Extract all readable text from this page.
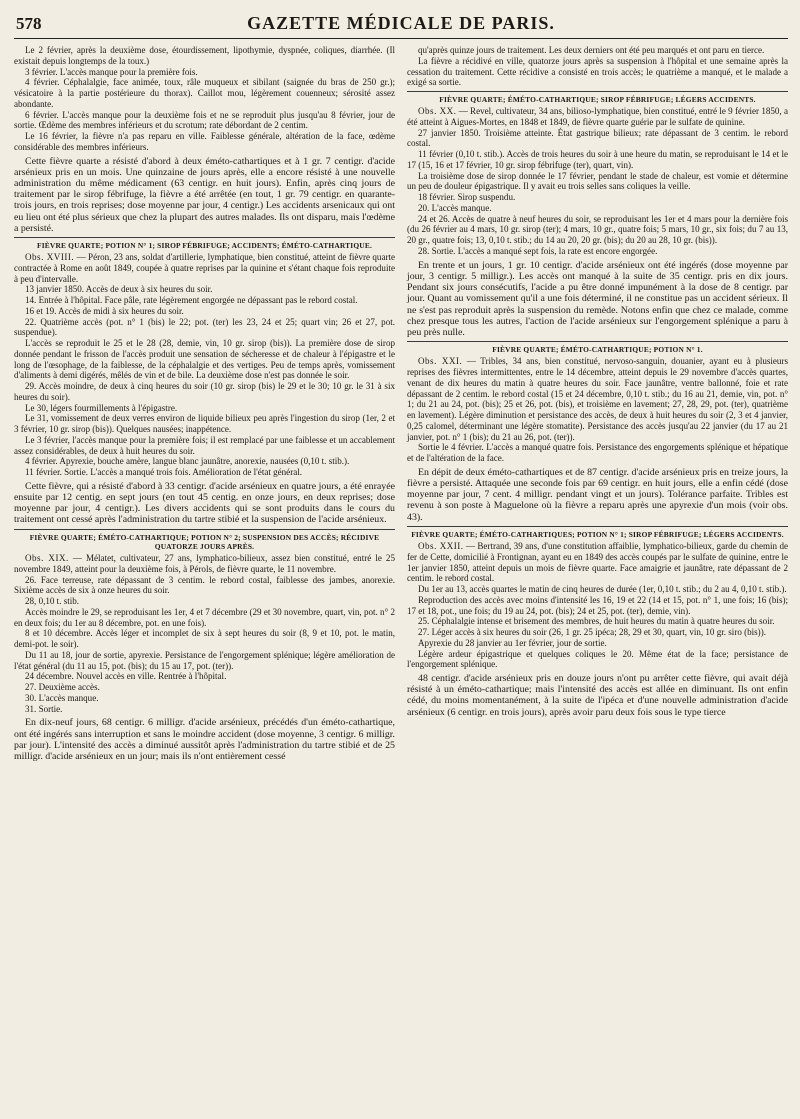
578	GAZETTE MÉDICALE DE PARIS.

Le 2 février, après la deuxième dose, étourdissement, lipothymie, dyspnée, coliques, diarrhée. (Il existait depuis longtemps de la toux.)

3 février. L'accès manque pour la première fois.

4 février. Céphalalgie, face animée, toux, râle muqueux et sibilant (saignée du bras de 250 gr.); vésicatoire à la partie postérieure du thorax). Caillot mou, légèrement couenneux; sérosité assez abondante.

6 février. L'accès manque pour la deuxième fois et ne se reproduit plus jusqu'au 8 février, jour de sortie. Œdème des membres inférieurs et du scrotum; rate débordant de 2 centim.

Le 16 février, la fièvre n'a pas reparu en ville. Faiblesse générale, altération de la face, œdème considérable des membres inférieurs.

Cette fièvre quarte a résisté d'abord à deux éméto-cathartiques et à 1 gr. 7 centigr. d'acide arsénieux pris en un mois. Une quinzaine de jours après, elle a encore résisté à une nouvelle administration du même médicament (63 centigr. en huit jours). Enfin, après cinq jours de traitement par le sirop fébrifuge, la fièvre a été arrêtée (en tout, 1 gr. 79 centigr. en quarante-trois jours, en trois reprises; dose moyenne par jour, 4 centigr.) Les accidents arsenicaux qui ont eu lieu ont été plus sérieux que chez la plupart des autres malades. Ils ont disparu, mais l'œdème a persisté.

FIÈVRE QUARTE; POTION N° 1; SIROP FÉBRIFUGE; ACCIDENTS; ÉMÉTO-CATHARTIQUE.

Obs. XVIII. — Péron, 23 ans, soldat d'artillerie, lymphatique, bien constitué, atteint de fièvre quarte contractée à Rome en août 1849, coupée à quatre reprises par la quinine et s'étant chaque fois reproduite à peu d'intervalle.

13 janvier 1850. Accès de deux à six heures du soir.

14. Entrée à l'hôpital. Face pâle, rate légèrement engorgée ne dépassant pas le rebord costal.

16 et 19. Accès de midi à six heures du soir.

22. Quatrième accès (pot. n° 1 (bis) le 22; pot. (ter) les 23, 24 et 25; quart vin; 26 et 27, pot. suspendue).

L'accès se reproduit le 25 et le 28 (28, demie, vin, 10 gr. sirop (bis)). La première dose de sirop donnée pendant le frisson de l'accès produit une sensation de sécheresse et de chaleur à l'épigastre et le long de l'œsophage, de la faiblesse, de la céphalalgie et des vertiges. Peu de temps après, vomissement d'aliments à demi digérés, mêlés de vin et de bile. La deuxième dose n'est pas donnée le soir.

29. Accès moindre, de deux à cinq heures du soir (10 gr. sirop (bis) le 29 et le 30; 10 gr. le 31 à six heures du soir).

Le 30, légers fourmillements à l'épigastre.

Le 31, vomissement de deux verres environ de liquide bilieux peu après l'ingestion du sirop (1er, 2 et 3 février, 10 gr. sirop (bis)). Quelques nausées; inappétence.

Le 3 février, l'accès manque pour la première fois; il est remplacé par une faiblesse et un accablement assez considérables, de deux à huit heures du soir.

4 février. Apyrexie, bouche amère, langue blanc jaunâtre, anorexie, nausées (0,10 t. stib.).

11 février. Sortie. L'accès a manqué trois fois. Amélioration de l'état général.

Cette fièvre, qui a résisté d'abord à 33 centigr. d'acide arsénieux en quatre jours, a été enrayée ensuite par 12 centig. en sept jours (en tout 45 centig. en onze jours, en deux reprises; dose moyenne par jour, 4 centigr.). Les divers accidents qui se sont produits dans le cours du traitement ont cessé après l'administration du tartre stibié et la suspension de l'acide arsénieux.

FIÈVRE QUARTE; ÉMÉTO-CATHARTIQUE; POTION N° 2; SUSPENSION DES ACCÈS; RÉCIDIVE QUATORZE JOURS APRÈS.

Obs. XIX. — Mélatet, cultivateur, 27 ans, lymphatico-bilieux, assez bien constitué, entré le 25 novembre 1849, atteint pour la deuxième fois, à Pérols, de fièvre quarte, le 11 novembre.

26. Face terreuse, rate dépassant de 3 centim. le rebord costal, faiblesse des jambes, anorexie. Sixième accès de six à onze heures du soir.

28, 0,10 t. stib.

Accès moindre le 29, se reproduisant les 1er, 4 et 7 décembre (29 et 30 novembre, quart, vin, pot. n° 2 en deux fois; du 1er au 8 décembre, pot. en une fois).

8 et 10 décembre. Accès léger et incomplet de six à sept heures du soir (8, 9 et 10, pot. le matin, demi-pot. le soir).

Du 11 au 18, jour de sortie, apyrexie. Persistance de l'engorgement splénique; légère amélioration de l'état général (du 11 au 15, pot. (bis); du 15 au 17, pot. (ter)).

24 décembre. Nouvel accès en ville. Rentrée à l'hôpital.

27. Deuxième accès.

30. L'accès manque.

31. Sortie.

En dix-neuf jours, 68 centigr. 6 milligr. d'acide arsénieux, précédés d'un éméto-cathartique, ont été ingérés sans interruption et sans le moindre accident (dose moyenne, 3 centigr. 6 milligr. par jour). L'intensité des accès a diminué aussitôt après l'administration du tartre stibié et de 25 milligr. d'acide arsénieux en un jour; mais ils n'ont entièrement cessé

qu'après quinze jours de traitement. Les deux derniers ont été peu marqués et ont paru en tierce.

La fièvre a récidivé en ville, quatorze jours après sa suspension à l'hôpital et une semaine après la cessation du traitement. Cette récidive a consisté en trois accès; le quatrième a manqué, et le malade a exigé sa sortie.

FIÈVRE QUARTE; ÉMÉTO-CATHARTIQUE; SIROP FÉBRIFUGE; LÉGERS ACCIDENTS.

Obs. XX. — Revel, cultivateur, 34 ans, bilioso-lymphatique, bien constitué, entré le 9 février 1850, a été atteint à Aigues-Mortes, en 1848 et 1849, de fièvre quarte guérie par le sulfate de quinine.

27 janvier 1850. Troisième atteinte. État gastrique bilieux; rate dépassant de 3 centim. le rebord costal.

11 février (0,10 t. stib.). Accès de trois heures du soir à une heure du matin, se reproduisant le 14 et le 17 (15, 16 et 17 février, 10 gr. sirop fébrifuge (ter), quart, vin).

La troisième dose de sirop donnée le 17 février, pendant le stade de chaleur, est vomie et détermine un peu de douleur épigastrique. Il y avait eu trois selles sans coliques la veille.

18 février. Sirop suspendu.

20. L'accès manque.

24 et 26. Accès de quatre à neuf heures du soir, se reproduisant les 1er et 4 mars pour la dernière fois (du 26 février au 4 mars, 10 gr. sirop (ter); 4 mars, 10 gr., quatre fois; 5 mars, 10 gr., six fois; du 7 au 13, 20 gr., quatre fois; 13, 0,10 t. stib.; du 14 au 20, 20 gr. (bis); du 20 au 28, 10 gr. (bis)).

28. Sortie. L'accès a manqué sept fois, la rate est encore engorgée.

En trente et un jours, 1 gr. 10 centigr. d'acide arsénieux ont été ingérés (dose moyenne par jour, 3 centigr. 5 milligr.). Les accès ont manqué à la suite de 35 centigr. pris en dix jours. Pendant six jours consécutifs, l'acide a pu être donné impunément à la dose de 8 centigr. par jour. Quant au vomissement qu'il a une fois déterminé, il ne constitue pas un accident sérieux. Il ne s'est pas reproduit après la suspension du remède. Notons enfin que chez ce malade, comme chez presque tous les autres, l'action de l'acide arsénieux sur l'engorgement splénique a paru à peu près nulle.

FIÈVRE QUARTE; ÉMÉTO-CATHARTIQUE; POTION N° 1.

Obs. XXI. — Tribles, 34 ans, bien constitué, nervoso-sanguin, douanier, ayant eu à plusieurs reprises des fièvres intermittentes, entre le 14 décembre, atteint depuis le 29 novembre d'accès quartes, venant de dix heures du matin à quatre heures du soir. Face jaunâtre, ventre ballonné, foie et rate dépassant de 2 centim. le rebord costal (15 et 24 décembre, 0,10 t. stib.; du 16 au 21, demie, vin, pot. n° 1; du 21 au 24, pot. (bis); 25 et 26, pot. (bis), et troisième en lavement; 27, 28, 29, pot. (ter), quatrième en lavement). Légère diminution et persistance des accès, de deux à huit heures du soir (2, 3 et 4 janvier, 0,25 calomel, déterminant une légère stomatite). Persistance des accès jusqu'au 22 janvier (du 17 au 21 janvier, pot. n° 1 (bis); du 21 au 26, pot. (ter)).

Sortie le 4 février. L'accès a manqué quatre fois. Persistance des engorgements splénique et hépatique et de l'altération de la face.

En dépit de deux éméto-cathartiques et de 87 centigr. d'acide arsénieux pris en treize jours, la fièvre a persisté. Attaquée une seconde fois par 69 centigr. en huit jours, elle a enfin cédé (dose moyenne par jour, 7 cent. 4 milligr. pendant vingt et un jours). Tolérance parfaite. Tribles est revenu à son poste à Maguelone où la fièvre a reparu après une apyrexie d'un mois (voir obs. 43).

FIÈVRE QUARTE; ÉMÉTO-CATHARTIQUES; POTION N° 1; SIROP FÉBRIFUGE; LÉGERS ACCIDENTS.

Obs. XXII. — Bertrand, 39 ans, d'une constitution affaiblie, lymphatico-bilieux, garde du chemin de fer de Cette, domicilié à Frontignan, ayant eu en 1849 des accès coupés par le sulfate de quinine, entre le 1er janvier 1850, atteint depuis un mois de fièvre quarte. Face amaigrie et jaunâtre, rate dépassant de 2 centim. le rebord costal.

Du 1er au 13, accès quartes le matin de cinq heures de durée (1er, 0,10 t. stib.; du 2 au 4, 0,10 t. stib.).

Reproduction des accès avec moins d'intensité les 16, 19 et 22 (14 et 15, pot. n° 1, une fois; 16 (bis); 17 et 18, pot., une fois; du 19 au 24, pot. (bis); 24 et 25, pot. (ter), demie, vin).

25. Céphalalgie intense et brisement des membres, de huit heures du matin à quatre heures du soir.

27. Léger accès à six heures du soir (26, 1 gr. 25 ipéca; 28, 29 et 30, quart, vin, 10 gr. siro (bis)).

Apyrexie du 28 janvier au 1er février, jour de sortie.

Légère ardeur épigastrique et quelques coliques le 20. Même état de la face; persistance de l'engorgement splénique.

48 centigr. d'acide arsénieux pris en douze jours n'ont pu arrêter cette fièvre, qui avait déjà résisté à un éméto-cathartique; mais l'intensité des accès est allée en diminuant. Ils ont enfin cédé, du moins momentanément, à la suite de l'ipéca et d'une nouvelle administration d'acide arsénieux (6 centigr. en trois jours), après avoir paru deux fois sous le type tierce
